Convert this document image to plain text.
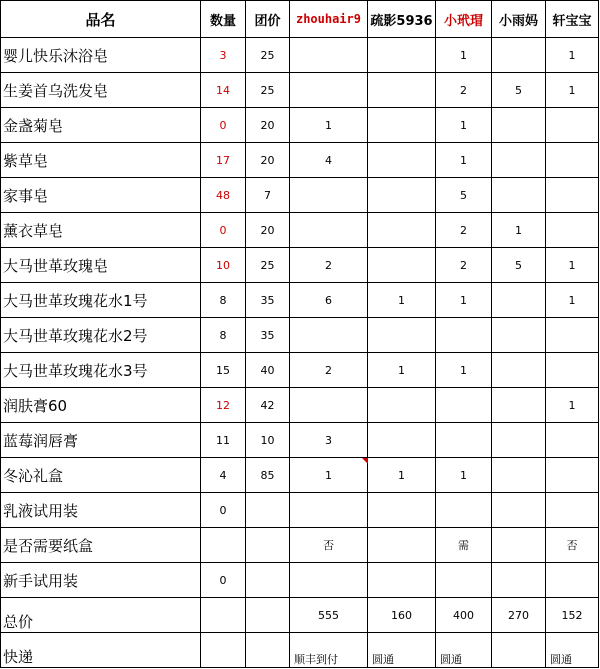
品名	数量	团价	zhouhair9	疏影5936	小玳瑁	小雨妈	轩宝宝
婴儿快乐沐浴皂	3	25			1		1
生姜首乌洗发皂	14	25			2	5	1
金盏菊皂	0	20	1		1		
紫草皂	17	20	4		1		
家事皂	48	7			5		
薰衣草皂	0	20			2	1	
大马世革玫瑰皂	10	25	2		2	5	1
大马世革玫瑰花水1号	8	35	6	1	1		1
大马世革玫瑰花水2号	8	35					
大马世革玫瑰花水3号	15	40	2	1	1		
润肤膏60	12	42					1
蓝莓润唇膏	11	10	3				
冬沁礼盒	4	85	1	1	1		
乳液试用装	0						
是否需要纸盒			否		需		否
新手试用装	0						
总价			555	160	400	270	152
快递			顺丰到付	圆通	圆通		圆通
